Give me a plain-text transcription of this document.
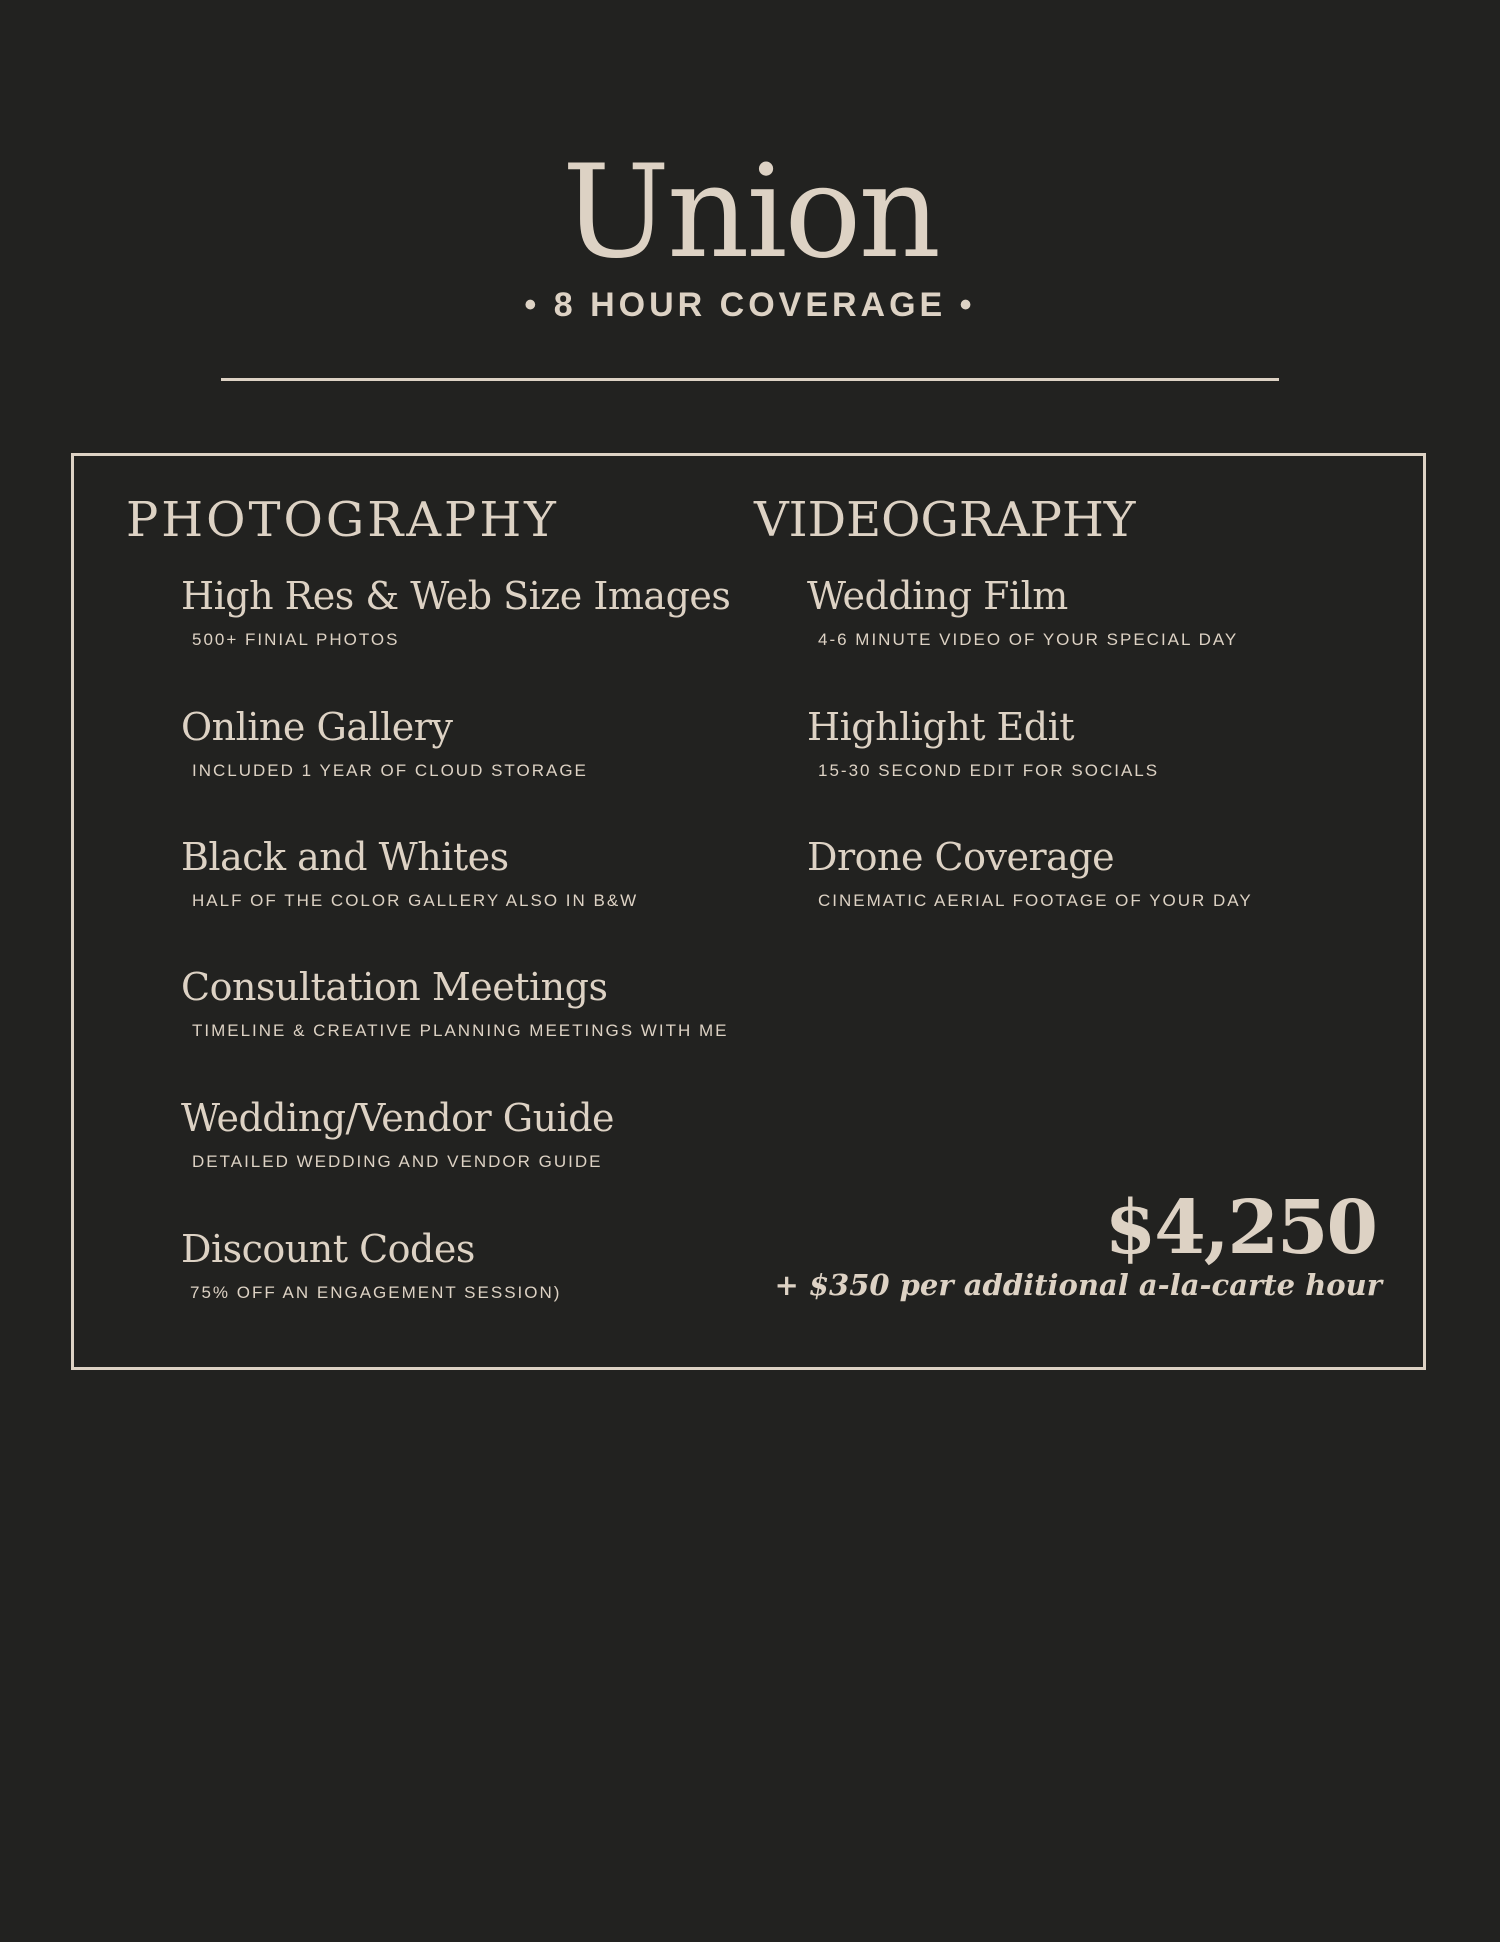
Union
• 8 HOUR COVERAGE •
PHOTOGRAPHY	VIDEOGRAPHY
High Res & Web Size Images
500+ FINIAL PHOTOS
Online Gallery
INCLUDED 1 YEAR OF CLOUD STORAGE
Black and Whites
HALF OF THE COLOR GALLERY ALSO IN B&W
Consultation Meetings
TIMELINE & CREATIVE PLANNING MEETINGS WITH ME
Wedding/Vendor Guide
DETAILED WEDDING AND VENDOR GUIDE
Discount Codes
75% OFF AN ENGAGEMENT SESSION)
Wedding Film
4-6 MINUTE VIDEO OF YOUR SPECIAL DAY
Highlight Edit
15-30 SECOND EDIT FOR SOCIALS
Drone Coverage
CINEMATIC AERIAL FOOTAGE OF YOUR DAY
$4,250
+ $350 per additional a-la-carte hour
